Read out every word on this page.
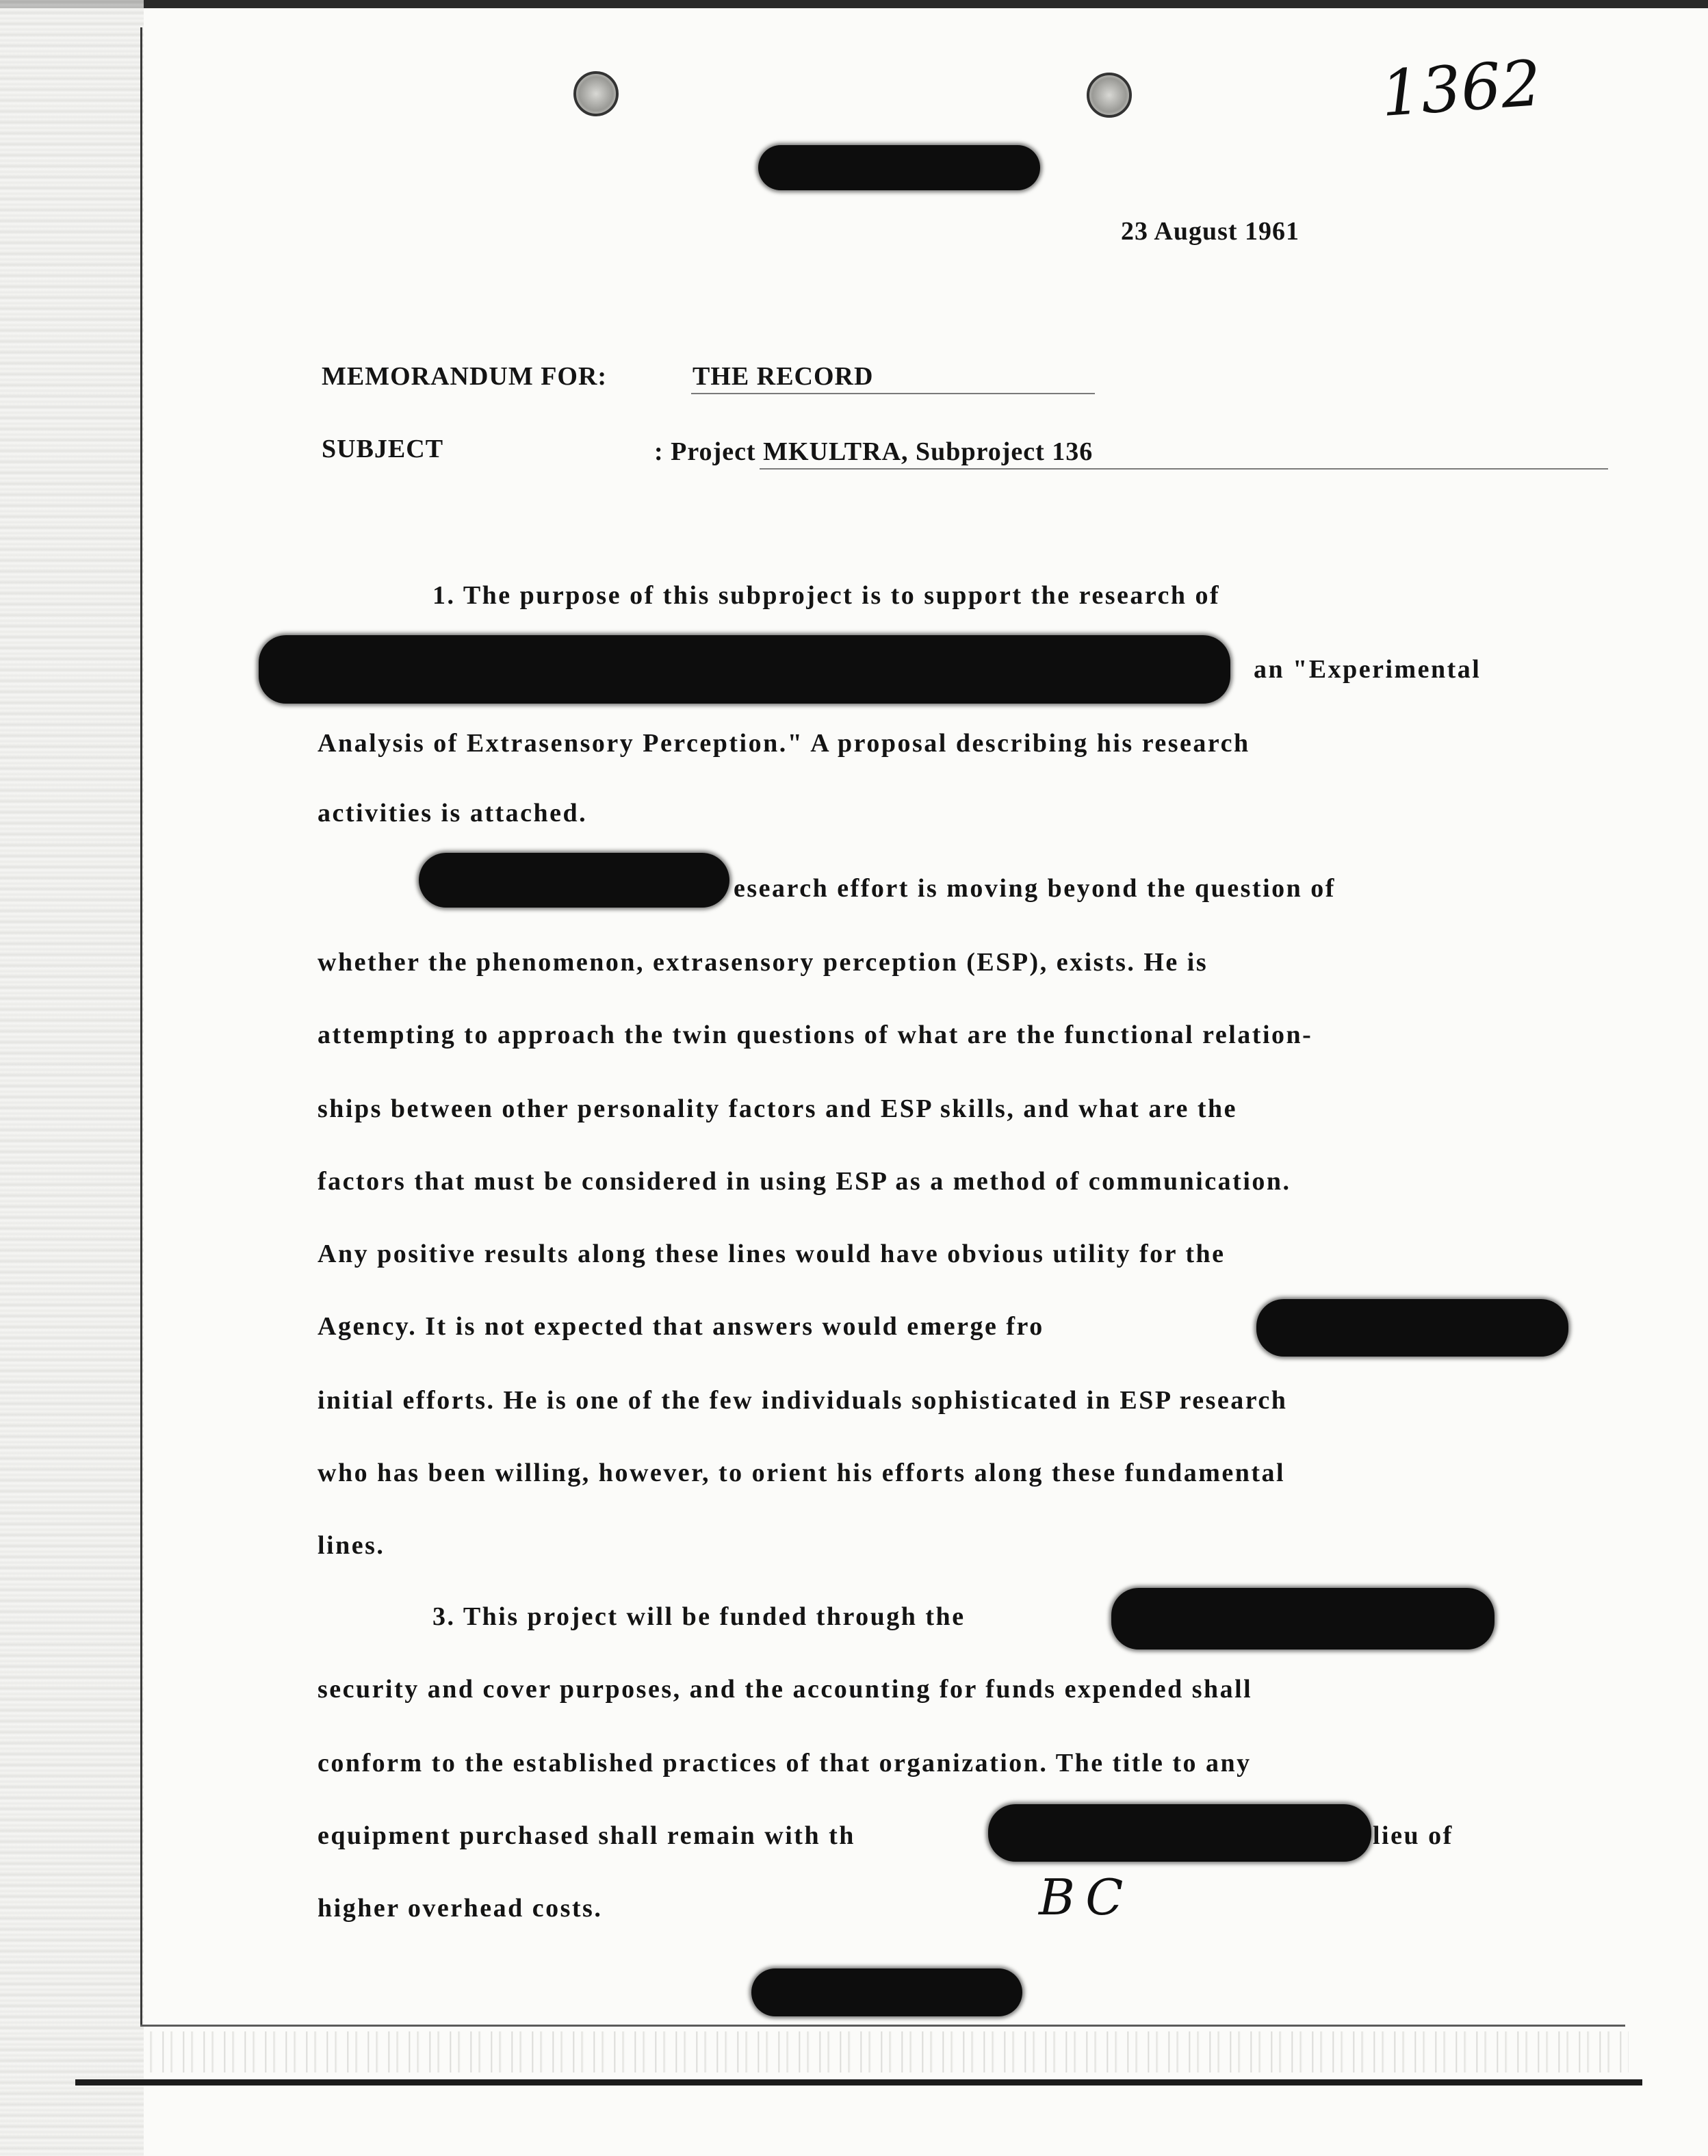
1362
23 August 1961
MEMORANDUM FOR:	THE RECORD
SUBJECT	: Project MKULTRA, Subproject 136
1. The purpose of this subproject is to support the research of
an "Experimental
Analysis of Extrasensory Perception." A proposal describing his research
activities is attached.
esearch effort is moving beyond the question of
whether the phenomenon, extrasensory perception (ESP), exists. He is
attempting to approach the twin questions of what are the functional relation-
ships between other personality factors and ESP skills, and what are the
factors that must be considered in using ESP as a method of communication.
Any positive results along these lines would have obvious utility for the
Agency. It is not expected that answers would emerge fro
initial efforts. He is one of the few individuals sophisticated in ESP research
who has been willing, however, to orient his efforts along these fundamental
lines.
3. This project will be funded through the
security and cover purposes, and the accounting for funds expended shall
conform to the established practices of that organization. The title to any
equipment purchased shall remain with th	lieu of
higher overhead costs.	BC
